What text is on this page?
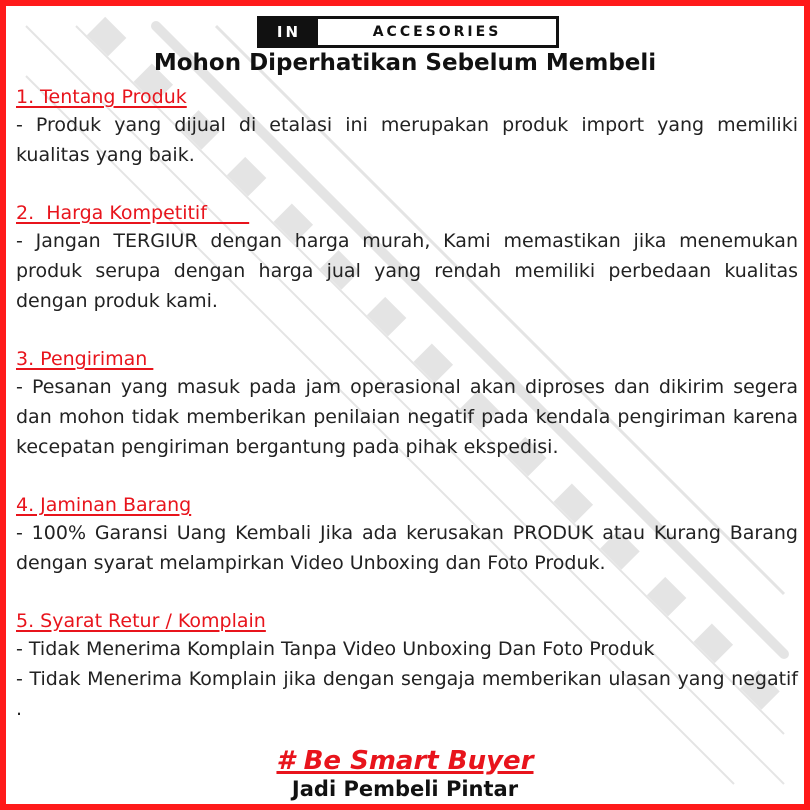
IN	ACCESORIES
Mohon Diperhatikan Sebelum Membeli
1. Tentang Produk

- Produk yang dijual di etalasi ini merupakan produk import yang memiliki kualitas yang baik.

2.  Harga Kompetitif

- Jangan TERGIUR dengan harga murah, Kami memastikan jika menemukan produk serupa dengan harga jual yang rendah memiliki perbedaan kualitas dengan produk kami.

3. Pengiriman

- Pesanan yang masuk pada jam operasional akan diproses dan dikirim segera dan mohon tidak memberikan penilaian negatif pada kendala pengiriman karena kecepatan pengiriman bergantung pada pihak ekspedisi.

4. Jaminan Barang

- 100% Garansi Uang Kembali Jika ada kerusakan PRODUK atau Kurang Barang dengan syarat melampirkan Video Unboxing dan Foto Produk.

5. Syarat Retur / Komplain

- Tidak Menerima Komplain Tanpa Video Unboxing Dan Foto Produk

- Tidak Menerima Komplain jika dengan sengaja memberikan ulasan yang negatif .

# Be Smart Buyer
Jadi Pembeli Pintar
